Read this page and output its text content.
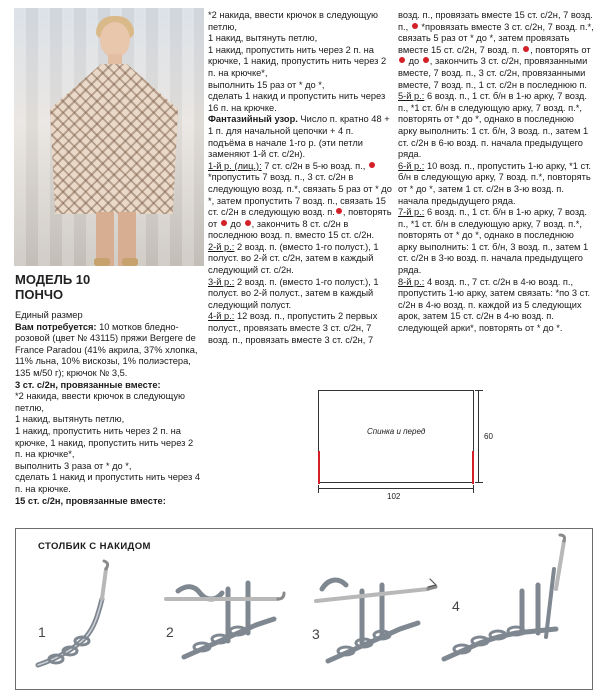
МОДЕЛЬ 10
ПОНЧО

Единый размер

Вам потребуется: 10 мотков бледно-розовой (цвет № 43115) пряжи Bergere de France Paradou (41% акрила, 37% хлопка, 11% льна, 10% вискозы, 1% полиэстера, 135 м/50 г); крючок № 3,5.

3 ст. с/2н, провязанные вместе:

*2 накида, ввести крючок в следующую петлю,

1 накид, вытянуть петлю,

1 накид, пропустить нить через 2 п. на крючке, 1 накид, пропустить нить через 2 п. на крючке*,

выполнить 3 раза от * до *,

сделать 1 накид и пропустить нить через 4 п. на крючке.

15 ст. с/2н, провязанные вместе:

*2 накида, ввести крючок в следующую петлю,

1 накид, вытянуть петлю,

1 накид, пропустить нить через 2 п. на крючке, 1 накид, пропустить нить через 2 п. на крючке*,

выполнить 15 раз от * до *,

сделать 1 накид и пропустить нить через 16 п. на крючке.

Фантазийный узор. Число п. кратно 48 + 1 п. для начальной цепочки + 4 п. подъёма в начале 1-го р. (эти петли заменяют 1-й ст. с/2н).

1-й р. (лиц.): 7 ст. с/2н в 5-ю возд. п.,  *пропустить 7 возд. п., 3 ст. с/2н в следующую возд. п.*, связать 5 раз от * до *, затем пропустить 7 возд. п., связать 15 ст. с/2н в следующую возд. п. , повторять от  до , закончить 8 ст. с/2н в последнюю возд. п. вместо 15 ст. с/2н.

2-й р.: 2 возд. п. (вместо 1-го полуст.), 1 полуст. во 2-й ст. с/2н, затем в каждый следующий ст. с/2н.

3-й р.: 2 возд. п. (вместо 1-го полуст.), 1 полуст. во 2-й полуст., затем в каждый следующий полуст.

4-й р.: 12 возд. п., пропустить 2 первых полуст., провязать вместе 3 ст. с/2н, 7 возд. п., провязать вместе 3 ст. с/2н, 7

возд. п., провязать вместе 15 ст. с/2н, 7 возд. п.,  *провязать вместе 3 ст. с/2н, 7 возд. п.*, связать 5 раз от * до *, затем провязать вместе 15 ст. с/2н, 7 возд. п. , повторять от  до , закончить 3 ст. с/2н, провязанными вместе, 7 возд. п., 3 ст. с/2н, провязанными вместе, 7 возд. п., 1 ст. с/2н в последнюю п.

5-й р.: 6 возд. п., 1 ст. б/н в 1-ю арку, 7 возд. п., *1 ст. б/н в следующую арку, 7 возд. п.*, повторять от * до *, однако в последнюю арку выполнить: 1 ст. б/н, 3 возд. п., затем 1 ст. с/2н в 6-ю возд. п. начала предыдущего ряда.

6-й р.: 10 возд. п., пропустить 1-ю арку, *1 ст. б/н в следующую арку, 7 возд. п.*, повторять от * до *, затем 1 ст. с/2н в 3-ю возд. п. начала предыдущего ряда.

7-й р.: 6 возд. п., 1 ст. б/н в 1-ю арку, 7 возд. п., *1 ст. б/н в следующую арку, 7 возд. п.*, повторять от * до *, однако в последнюю арку выполнить: 1 ст. б/н, 3 возд. п., затем 1 ст. с/2н в 3-ю возд. п. начала предыдущего ряда.

8-й р.: 4 возд. п., 7 ст. с/2н в 4-ю возд. п., пропустить 1-ю арку, затем связать: *по 3 ст. с/2н в 4-ю возд. п. каждой из 5 следующих арок, затем 15 ст. с/2н в 4-ю возд. п. следующей арки*, повторять от * до *.

Спинка и перед
60
102
СТОЛБИК С НАКИДОМ
1	2	3
4
